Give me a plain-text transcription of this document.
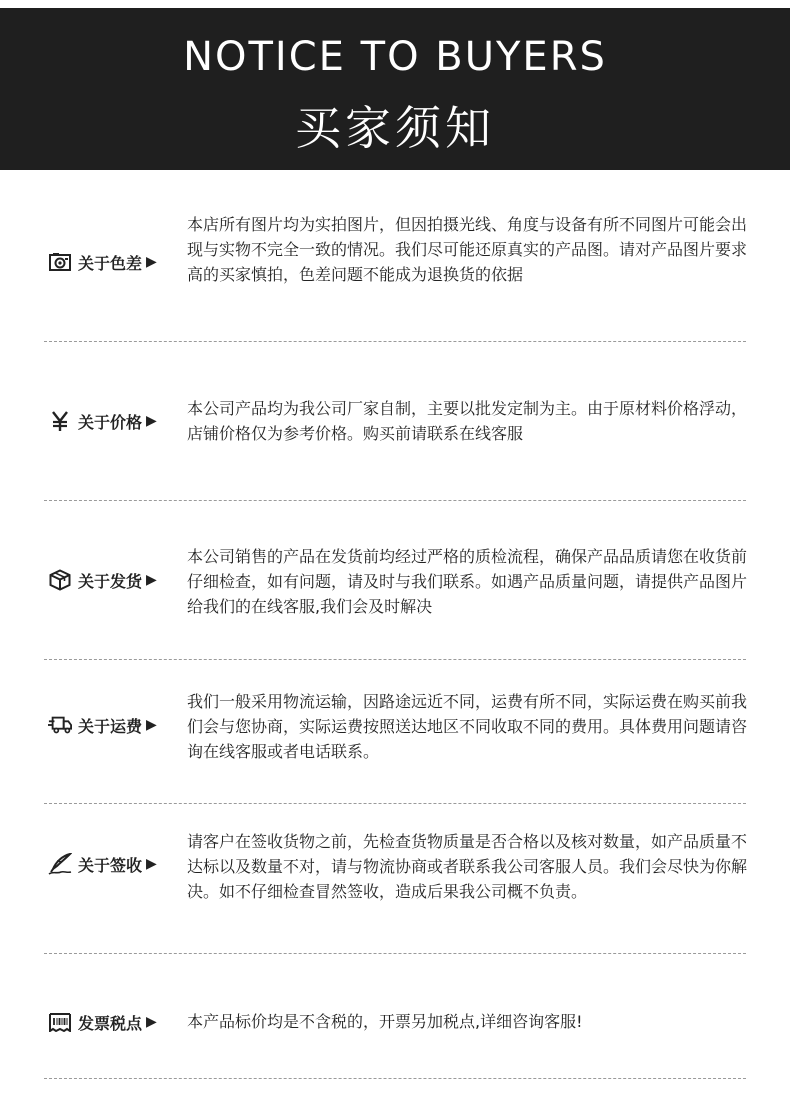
NOTICE TO BUYERS
买家须知
关于色差 ▶
本店所有图片均为实拍图片，但因拍摄光线、角度与设备有所不同图片可能会出现与实物不完全一致的情况。我们尽可能还原真实的产品图。请对产品图片要求高的买家慎拍，色差问题不能成为退换货的依据
关于价格 ▶
本公司产品均为我公司厂家自制，主要以批发定制为主。由于原材料价格浮动，店铺价格仅为参考价格。购买前请联系在线客服
关于发货 ▶
本公司销售的产品在发货前均经过严格的质检流程，确保产品品质请您在收货前仔细检查，如有问题，请及时与我们联系。如遇产品质量问题，请提供产品图片给我们的在线客服,我们会及时解决
关于运费 ▶
我们一般采用物流运输，因路途远近不同，运费有所不同，实际运费在购买前我们会与您协商，实际运费按照送达地区不同收取不同的费用。具体费用问题请咨询在线客服或者电话联系。
关于签收 ▶
请客户在签收货物之前，先检查货物质量是否合格以及核对数量，如产品质量不达标以及数量不对，请与物流协商或者联系我公司客服人员。我们会尽快为你解决。如不仔细检查冒然签收，造成后果我公司概不负责。
发票税点 ▶ 本产品标价均是不含税的，开票另加税点,详细咨询客服!
